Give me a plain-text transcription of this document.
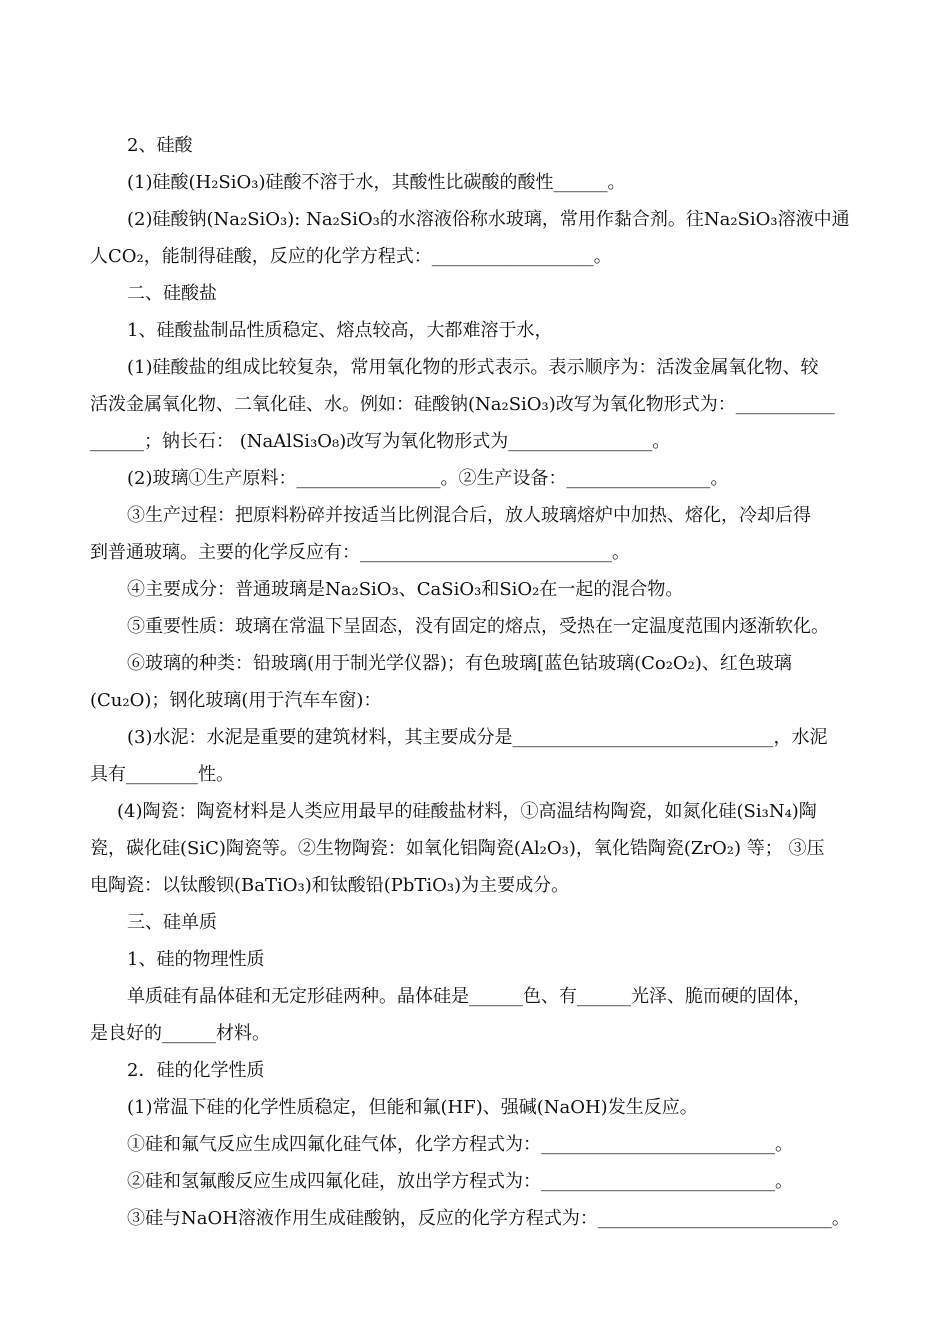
2、硅酸
(1)硅酸(H₂SiO₃)硅酸不溶于水，其酸性比碳酸的酸性______。
(2)硅酸钠(Na₂SiO₃): Na₂SiO₃的水溶液俗称水玻璃，常用作黏合剂。往Na₂SiO₃溶液中通
人CO₂，能制得硅酸，反应的化学方程式：__________________。
二、硅酸盐
1、硅酸盐制品性质稳定、熔点较高，大都难溶于水，
(1)硅酸盐的组成比较复杂，常用氧化物的形式表示。表示顺序为：活泼金属氧化物、较
活泼金属氧化物、二氧化硅、水。例如：硅酸钠(Na₂SiO₃)改写为氧化物形式为：___________
______；钠长石： (NaAlSi₃O₈)改写为氧化物形式为________________。
(2)玻璃①生产原料：________________。②生产设备：________________。
③生产过程：把原料粉碎并按适当比例混合后，放人玻璃熔炉中加热、熔化，冷却后得
到普通玻璃。主要的化学反应有：____________________________。
④主要成分：普通玻璃是Na₂SiO₃、CaSiO₃和SiO₂在一起的混合物。
⑤重要性质：玻璃在常温下呈固态，没有固定的熔点，受热在一定温度范围内逐渐软化。
⑥玻璃的种类：铅玻璃(用于制光学仪器)；有色玻璃[蓝色钴玻璃(Co₂O₂)、红色玻璃
(Cu₂O)；钢化玻璃(用于汽车车窗)：
(3)水泥：水泥是重要的建筑材料，其主要成分是_____________________________，水泥
具有________性。
(4)陶瓷：陶瓷材料是人类应用最早的硅酸盐材料，①高温结构陶瓷，如氮化硅(Si₃N₄)陶
瓷，碳化硅(SiC)陶瓷等。②生物陶瓷：如氧化铝陶瓷(Al₂O₃)，氧化锆陶瓷(ZrO₂) 等； ③压
电陶瓷：以钛酸钡(BaTiO₃)和钛酸铅(PbTiO₃)为主要成分。
三、硅单质
1、硅的物理性质
单质硅有晶体硅和无定形硅两种。晶体硅是______色、有______光泽、脆而硬的固体，
是良好的______材料。
2．硅的化学性质
(1)常温下硅的化学性质稳定，但能和氟(HF)、强碱(NaOH)发生反应。
①硅和氟气反应生成四氟化硅气体，化学方程式为：__________________________。
②硅和氢氟酸反应生成四氟化硅，放出学方程式为：__________________________。
③硅与NaOH溶液作用生成硅酸钠，反应的化学方程式为：__________________________。
